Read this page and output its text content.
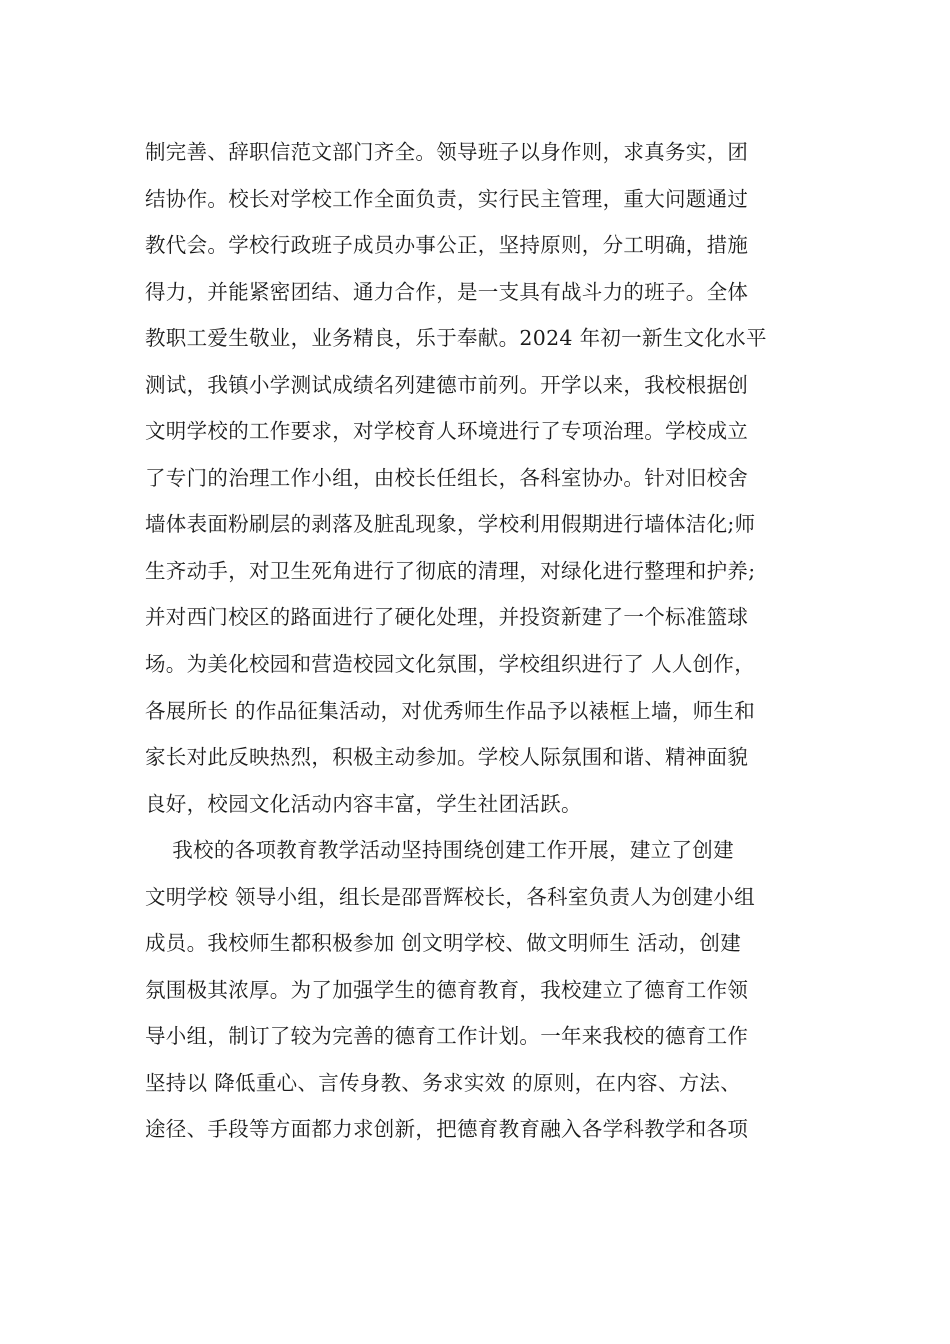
制完善、辞职信范文部门齐全。领导班子以身作则，求真务实，团
结协作。校长对学校工作全面负责，实行民主管理，重大问题通过
教代会。学校行政班子成员办事公正，坚持原则，分工明确，措施
得力，并能紧密团结、通力合作，是一支具有战斗力的班子。全体
教职工爱生敬业，业务精良，乐于奉献。2024 年初一新生文化水平
测试，我镇小学测试成绩名列建德市前列。开学以来，我校根据创
文明学校的工作要求，对学校育人环境进行了专项治理。学校成立
了专门的治理工作小组，由校长任组长，各科室协办。针对旧校舍
墙体表面粉刷层的剥落及脏乱现象，学校利用假期进行墙体洁化;师
生齐动手，对卫生死角进行了彻底的清理，对绿化进行整理和护养;
并对西门校区的路面进行了硬化处理，并投资新建了一个标准篮球
场。为美化校园和营造校园文化氛围，学校组织进行了 人人创作，
各展所长 的作品征集活动，对优秀师生作品予以裱框上墙，师生和
家长对此反映热烈，积极主动参加。学校人际氛围和谐、精神面貌
良好，校园文化活动内容丰富，学生社团活跃。
我校的各项教育教学活动坚持围绕创建工作开展，建立了创建
文明学校 领导小组，组长是邵晋辉校长，各科室负责人为创建小组
成员。我校师生都积极参加 创文明学校、做文明师生 活动，创建
氛围极其浓厚。为了加强学生的德育教育，我校建立了德育工作领
导小组，制订了较为完善的德育工作计划。一年来我校的德育工作
坚持以 降低重心、言传身教、务求实效 的原则，在内容、方法、
途径、手段等方面都力求创新，把德育教育融入各学科教学和各项
